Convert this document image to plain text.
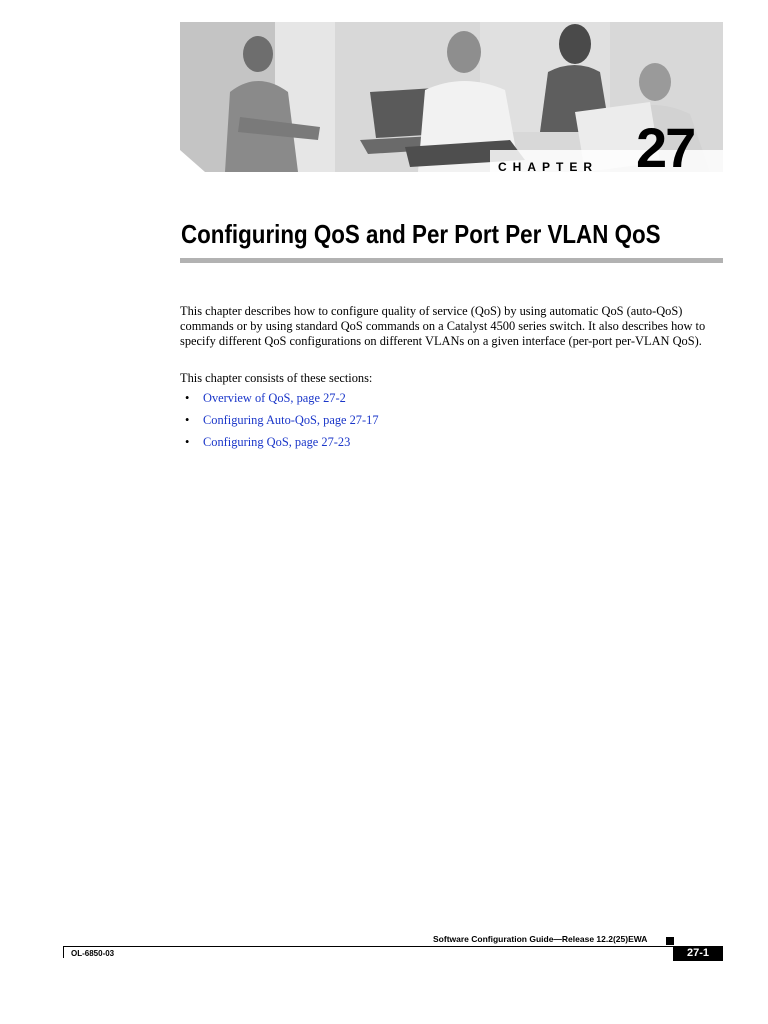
CHAPTER 27
Configuring QoS and Per Port Per VLAN QoS

This chapter describes how to configure quality of service (QoS) by using automatic QoS (auto-QoS) commands or by using standard QoS commands on a Catalyst 4500 series switch. It also describes how to specify different QoS configurations on different VLANs on a given interface (per-port per-VLAN QoS).

This chapter consists of these sections:

•	Overview of QoS, page 27-2
•	Configuring Auto-QoS, page 27-17
•	Configuring QoS, page 27-23
Software Configuration Guide—Release 12.2(25)EWA
OL-6850-03	27-1
